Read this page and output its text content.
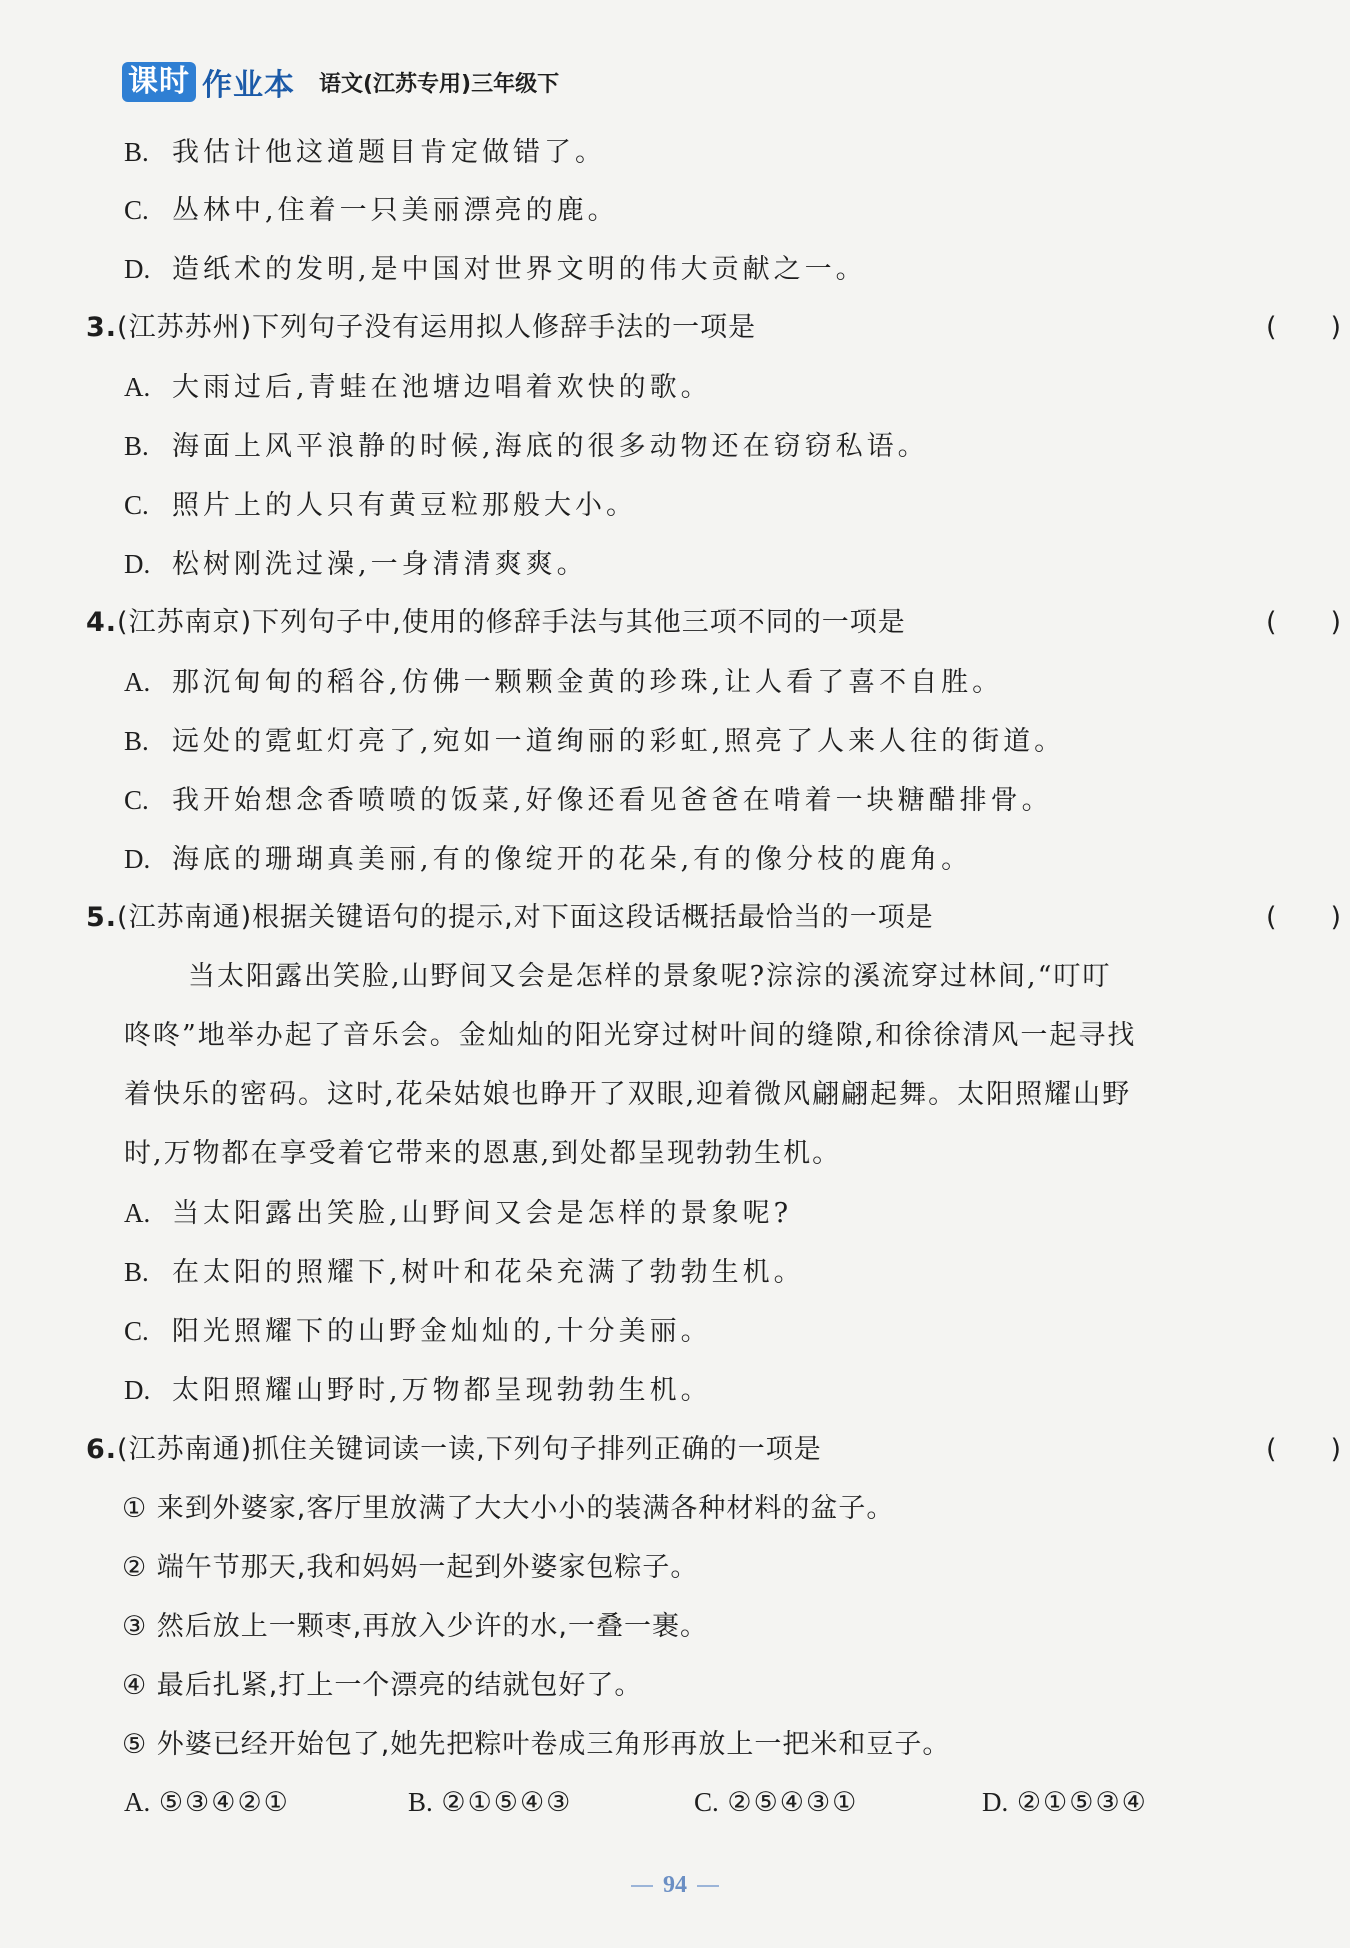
课时 作业本 语文(江苏专用)三年级下
B. 我估计他这道题目肯定做错了。
C. 丛林中,住着一只美丽漂亮的鹿。
D. 造纸术的发明,是中国对世界文明的伟大贡献之一。
3.(江苏苏州)下列句子没有运用拟人修辞手法的一项是	(　　)
A. 大雨过后,青蛙在池塘边唱着欢快的歌。
B. 海面上风平浪静的时候,海底的很多动物还在窃窃私语。
C. 照片上的人只有黄豆粒那般大小。
D. 松树刚洗过澡,一身清清爽爽。
4.(江苏南京)下列句子中,使用的修辞手法与其他三项不同的一项是	(　　)
A. 那沉甸甸的稻谷,仿佛一颗颗金黄的珍珠,让人看了喜不自胜。
B. 远处的霓虹灯亮了,宛如一道绚丽的彩虹,照亮了人来人往的街道。
C. 我开始想念香喷喷的饭菜,好像还看见爸爸在啃着一块糖醋排骨。
D. 海底的珊瑚真美丽,有的像绽开的花朵,有的像分枝的鹿角。
5.(江苏南通)根据关键语句的提示,对下面这段话概括最恰当的一项是	(　　)
当太阳露出笑脸,山野间又会是怎样的景象呢?淙淙的溪流穿过林间,“叮叮
咚咚”地举办起了音乐会。金灿灿的阳光穿过树叶间的缝隙,和徐徐清风一起寻找
着快乐的密码。这时,花朵姑娘也睁开了双眼,迎着微风翩翩起舞。太阳照耀山野
时,万物都在享受着它带来的恩惠,到处都呈现勃勃生机。
A. 当太阳露出笑脸,山野间又会是怎样的景象呢?
B. 在太阳的照耀下,树叶和花朵充满了勃勃生机。
C. 阳光照耀下的山野金灿灿的,十分美丽。
D. 太阳照耀山野时,万物都呈现勃勃生机。
6.(江苏南通)抓住关键词读一读,下列句子排列正确的一项是	(　　)
① 来到外婆家,客厅里放满了大大小小的装满各种材料的盆子。
② 端午节那天,我和妈妈一起到外婆家包粽子。
③ 然后放上一颗枣,再放入少许的水,一叠一裹。
④ 最后扎紧,打上一个漂亮的结就包好了。
⑤ 外婆已经开始包了,她先把粽叶卷成三角形再放上一把米和豆子。
A. ⑤③④②①	B. ②①⑤④③	C. ②⑤④③①	D. ②①⑤③④
94
